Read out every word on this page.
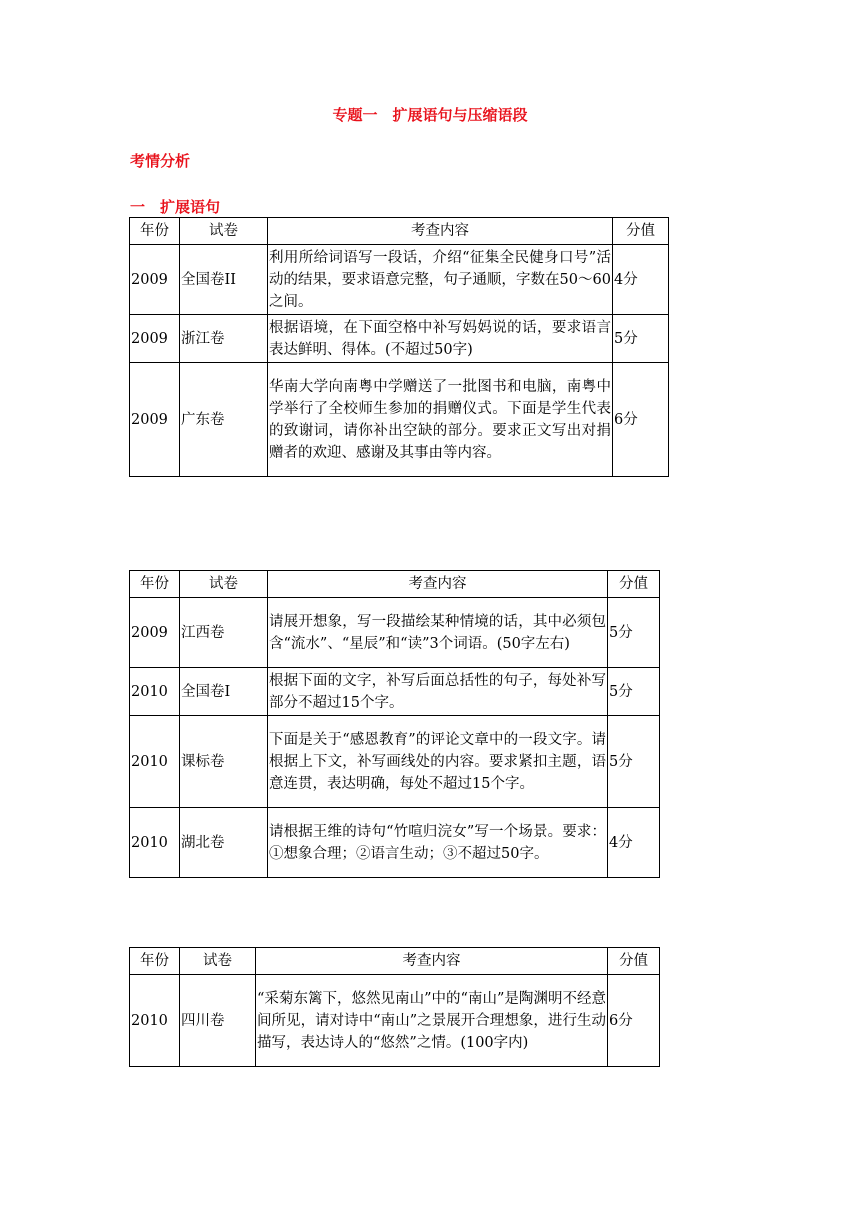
专题一　扩展语句与压缩语段
考情分析
一　扩展语句
年份	试卷	考查内容	分值
2009	全国卷II	利用所给词语写一段话，介绍“征集全民健身口号”活动的结果，要求语意完整，句子通顺，字数在50～60之间。	4分
2009	浙江卷	根据语境，在下面空格中补写妈妈说的话，要求语言表达鲜明、得体。(不超过50字)	5分
2009	广东卷	华南大学向南粤中学赠送了一批图书和电脑，南粤中学举行了全校师生参加的捐赠仪式。下面是学生代表的致谢词，请你补出空缺的部分。要求正文写出对捐赠者的欢迎、感谢及其事由等内容。	6分
年份	试卷	考查内容	分值
2009	江西卷	请展开想象，写一段描绘某种情境的话，其中必须包含“流水”、“星辰”和“读”3个词语。(50字左右)	5分
2010	全国卷Ⅰ	根据下面的文字，补写后面总括性的句子，每处补写部分不超过15个字。	5分
2010	课标卷	下面是关于“感恩教育”的评论文章中的一段文字。请根据上下文，补写画线处的内容。要求紧扣主题，语意连贯，表达明确，每处不超过15个字。	5分
2010	湖北卷	请根据王维的诗句“竹喧归浣女”写一个场景。要求：①想象合理；②语言生动；③不超过50字。	4分
年份	试卷	考查内容	分值
2010	四川卷	“采菊东篱下，悠然见南山”中的“南山”是陶渊明不经意间所见，请对诗中“南山”之景展开合理想象，进行生动描写，表达诗人的“悠然”之情。(100字内)	6分
